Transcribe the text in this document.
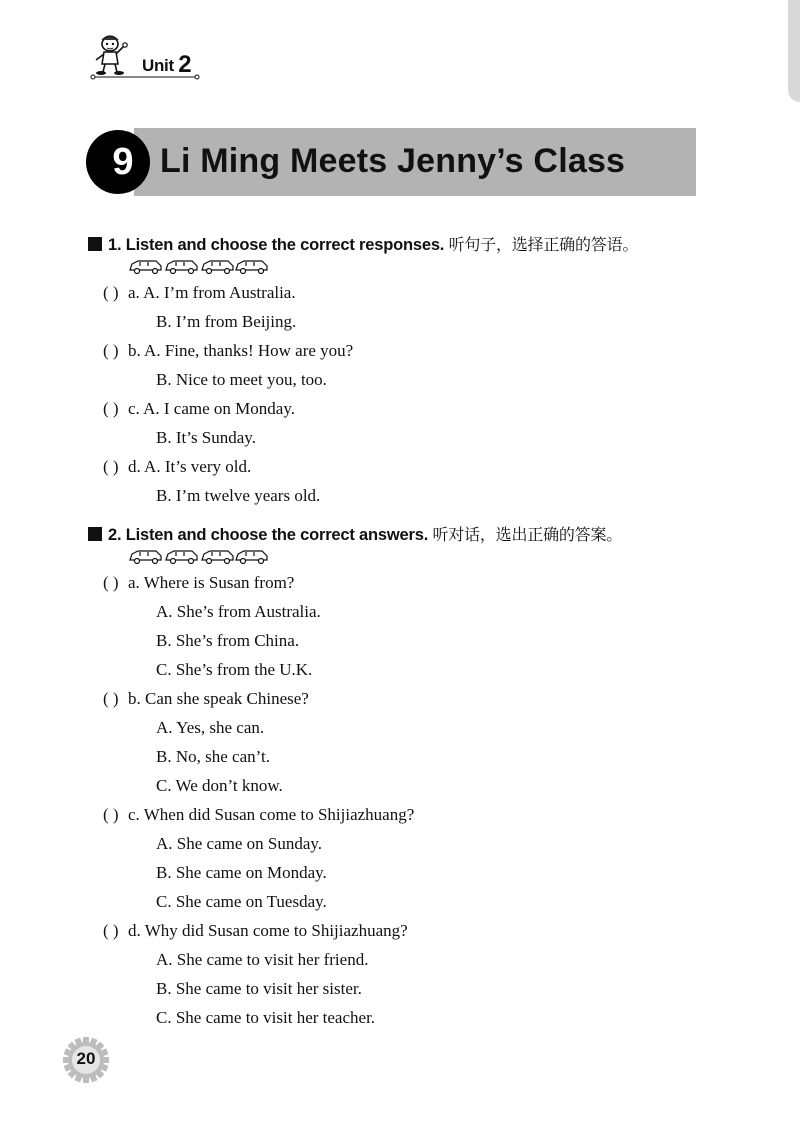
Unit 2
9 Li Ming Meets Jenny’s Class
1. Listen and choose the correct responses. 听句子，选择正确的答语。
( ) a. A. I’m from Australia.
B. I’m from Beijing.
( ) b. A. Fine, thanks! How are you?
B. Nice to meet you, too.
( ) c. A. I came on Monday.
B. It’s Sunday.
( ) d. A. It’s very old.
B. I’m twelve years old.
2. Listen and choose the correct answers. 听对话，选出正确的答案。
( ) a. Where is Susan from?
A. She’s from Australia.
B. She’s from China.
C. She’s from the U.K.
( ) b. Can she speak Chinese?
A. Yes, she can.
B. No, she can’t.
C. We don’t know.
( ) c. When did Susan come to Shijiazhuang?
A. She came on Sunday.
B. She came on Monday.
C. She came on Tuesday.
( ) d. Why did Susan come to Shijiazhuang?
A. She came to visit her friend.
B. She came to visit her sister.
C. She came to visit her teacher.
20
